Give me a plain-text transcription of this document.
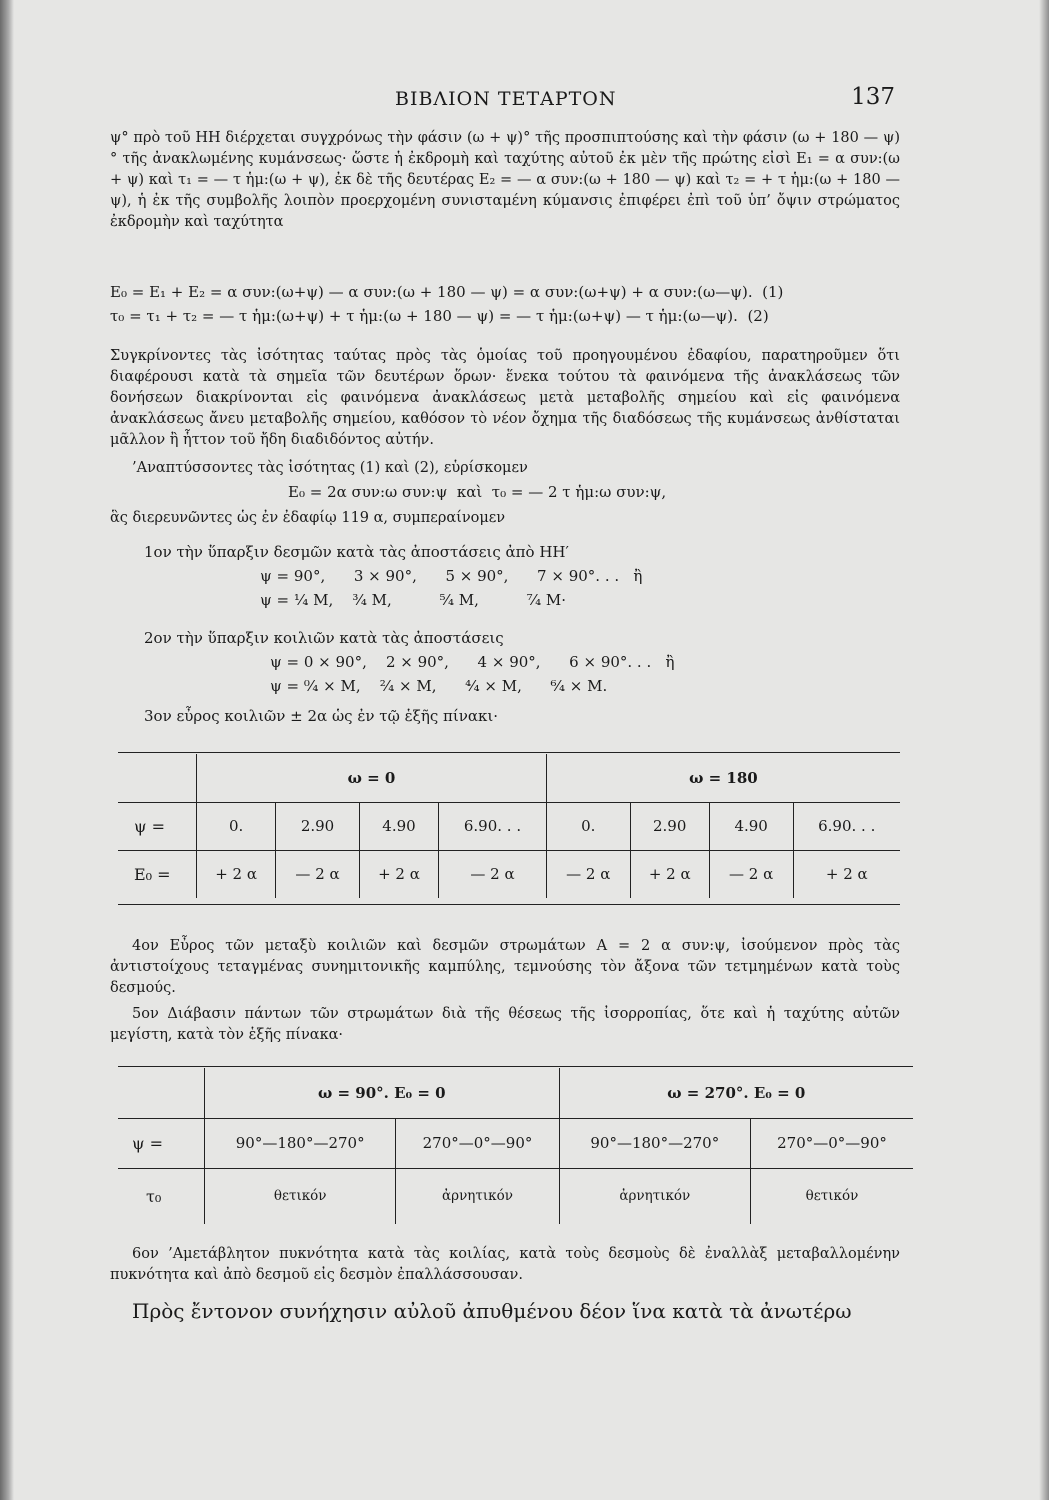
ΒΙΒΛΙΟΝ ΤΕΤΑΡΤΟΝ	137

ψ° πρὸ τοῦ ΗΗ διέρχεται συγχρόνως τὴν φάσιν (ω + ψ)° τῆς προσπιπτούσης καὶ τὴν φάσιν (ω + 180 — ψ)° τῆς ἀνακλωμένης κυμάνσεως· ὥστε ἡ ἐκδρομὴ καὶ ταχύτης αὐτοῦ ἐκ μὲν τῆς πρώτης εἰσὶ E₁ = α συν:(ω + ψ) καὶ τ₁ = — τ ἡμ:(ω + ψ), ἐκ δὲ τῆς δευτέρας E₂ = — α συν:(ω + 180 — ψ) καὶ τ₂ = + τ ἡμ:(ω + 180 — ψ), ἡ ἐκ τῆς συμβολῆς λοιπὸν προερχομένη συνισταμένη κύμανσις ἐπιφέρει ἐπὶ τοῦ ὑπ’ ὄψιν στρώματος ἐκδρομὴν καὶ ταχύτητα

E₀ = E₁ + E₂ = α συν:(ω+ψ) — α συν:(ω + 180 — ψ) = α συν:(ω+ψ) + α συν:(ω—ψ).  (1)
τ₀ = τ₁ + τ₂ = — τ ἡμ:(ω+ψ) + τ ἡμ:(ω + 180 — ψ) = — τ ἡμ:(ω+ψ) — τ ἡμ:(ω—ψ).  (2)

Συγκρίνοντες τὰς ἰσότητας ταύτας πρὸς τὰς ὁμοίας τοῦ προηγουμένου ἐδαφίου, παρατηροῦμεν ὅτι διαφέρουσι κατὰ τὰ σημεῖα τῶν δευτέρων ὅρων· ἕνεκα τούτου τὰ φαινόμενα τῆς ἀνακλάσεως τῶν δονήσεων διακρίνονται εἰς φαινόμενα ἀνακλάσεως μετὰ μεταβολῆς σημείου καὶ εἰς φαινόμενα ἀνακλάσεως ἄνευ μεταβολῆς σημείου, καθόσον τὸ νέον ὄχημα τῆς διαδόσεως τῆς κυμάνσεως ἀνθίσταται μᾶλλον ἢ ἧττον τοῦ ἤδη διαδιδόντος αὐτήν.

’Αναπτύσσοντες τὰς ἰσότητας (1) καὶ (2), εὑρίσκομεν

E₀ = 2α συν:ω συν:ψ  καὶ  τ₀ = — 2 τ ἡμ:ω συν:ψ,

ἃς διερευνῶντες ὡς ἐν ἐδαφίῳ 119 α, συμπεραίνομεν

1ον τὴν ὕπαρξιν δεσμῶν κατὰ τὰς ἀποστάσεις ἀπὸ ΗΗ′
ψ = 90°,      3 × 90°,      5 × 90°,      7 × 90°. . .   ἢ
ψ = ¹⁄₄ M,    ³⁄₄ M,          ⁵⁄₄ M,          ⁷⁄₄ M·
2ον τὴν ὕπαρξιν κοιλιῶν κατὰ τὰς ἀποστάσεις
ψ = 0 × 90°,    2 × 90°,      4 × 90°,      6 × 90°. . .   ἢ
ψ = ⁰⁄₄ × M,    ²⁄₄ × M,      ⁴⁄₄ × M,      ⁶⁄₄ × M.
3ον εὖρος κοιλιῶν ± 2α ὡς ἐν τῷ ἑξῆς πίνακι·
	ω = 0				ω = 180			
ψ =	0.	2.90	4.90	6.90. . .	0.	2.90	4.90	6.90. . .
E₀ =	+ 2 α	— 2 α	+ 2 α	— 2 α	— 2 α	+ 2 α	— 2 α	+ 2 α

4ον Εὖρος τῶν μεταξὺ κοιλιῶν καὶ δεσμῶν στρωμάτων A = 2 α συν:ψ, ἰσούμενον πρὸς τὰς ἀντιστοίχους τεταγμένας συνημιτονικῆς καμπύλης, τεμνούσης τὸν ἄξονα τῶν τετμημένων κατὰ τοὺς δεσμούς.

5ον Διάβασιν πάντων τῶν στρωμάτων διὰ τῆς θέσεως τῆς ἰσορροπίας, ὅτε καὶ ἡ ταχύτης αὐτῶν μεγίστη, κατὰ τὸν ἑξῆς πίνακα·

	ω = 90°. E₀ = 0		ω = 270°. E₀ = 0	
ψ =	90°—180°—270°	270°—0°—90°	90°—180°—270°	270°—0°—90°
τ₀	θετικόν	ἀρνητικόν	ἀρνητικόν	θετικόν

6ον ’Αμετάβλητον πυκνότητα κατὰ τὰς κοιλίας, κατὰ τοὺς δεσμοὺς δὲ ἐναλλὰξ μεταβαλλομένην πυκνότητα καὶ ἀπὸ δεσμοῦ εἰς δεσμὸν ἐπαλλάσσουσαν.

Πρὸς ἔντονον συνήχησιν αὐλοῦ ἀπυθμένου δέον ἵνα κατὰ τὰ ἀνωτέρω
